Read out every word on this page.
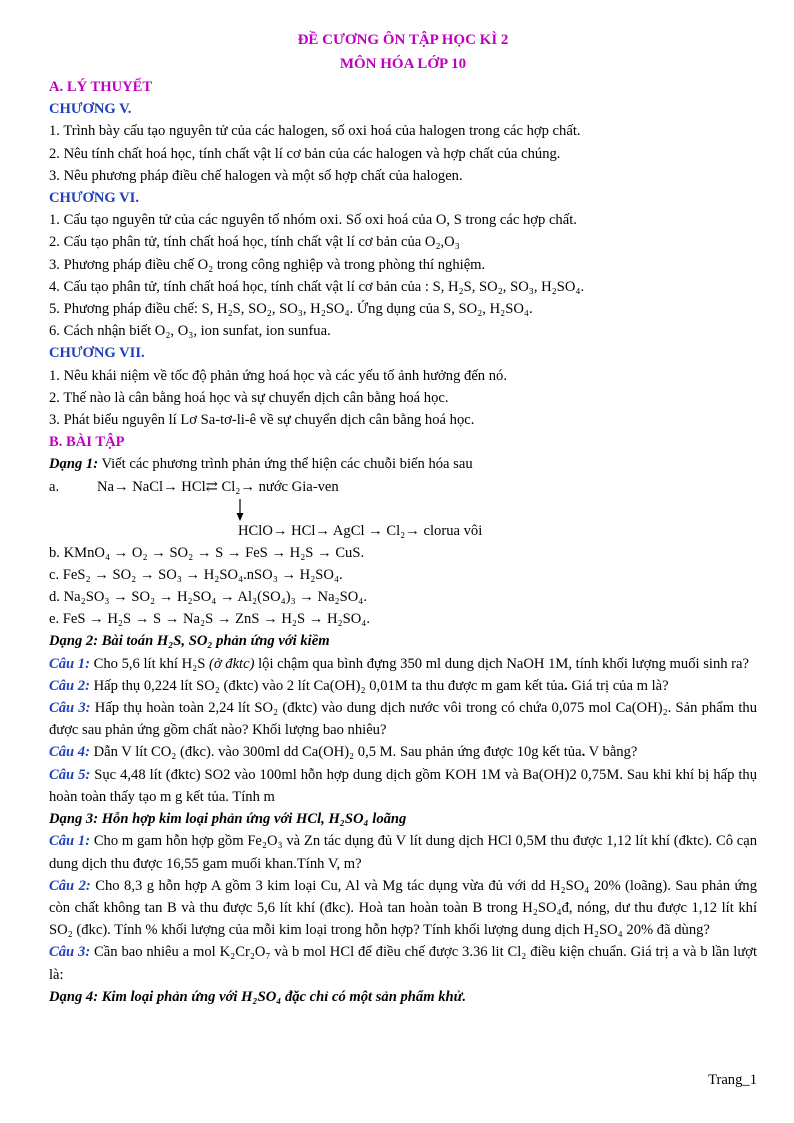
ĐỀ CƯƠNG ÔN TẬP HỌC KÌ 2
MÔN HÓA LỚP 10
A. LÝ THUYẾT
CHƯƠNG V.
1. Trình bày cấu tạo nguyên tử của các halogen, số oxi hoá của halogen trong các hợp chất.
2. Nêu tính chất hoá học, tính chất vật lí cơ bản của các halogen và hợp chất của chúng.
3. Nêu phương pháp điều chế halogen và một số hợp chất của halogen.
CHƯƠNG VI.
1. Cấu tạo nguyên tử của các nguyên tố nhóm oxi. Số oxi hoá của O, S trong các hợp chất.
2. Cấu tạo phân tử, tính chất hoá học, tính chất vật lí cơ bản của O₂,O₃
3. Phương pháp điều chế O₂ trong công nghiệp và trong phòng thí nghiệm.
4. Cấu tạo phân tử, tính chất hoá học, tính chất vật lí cơ bản của : S, H₂S, SO₂, SO₃, H₂SO₄.
5. Phương pháp điều chế: S, H₂S, SO₂, SO₃, H₂SO₄. Ứng dụng của S, SO₂, H₂SO₄.
6. Cách nhận biết O₂, O₃, ion sunfat, ion sunfua.
CHƯƠNG VII.
1. Nêu khái niệm về tốc độ phản ứng hoá học và các yếu tố ảnh hưởng đến nó.
2. Thế nào là cân bằng hoá học và sự chuyển dịch cân bằng hoá học.
3. Phát biểu nguyên lí Lơ Sa-tơ-li-ê về sự chuyển dịch cân bằng hoá học.
B. BÀI TẬP
Dạng 1: Viết các phương trình phản ứng thể hiện các chuỗi biến hóa sau
a.	Na→ NaCl→ HCl⇄ Cl₂→ nước Gia-ven
HClO→ HCl→ AgCl → Cl₂→ clorua vôi
b. KMnO₄ → O₂ → SO₂ → S → FeS → H₂S → CuS.
c. FeS₂ → SO₂ → SO₃ → H₂SO₄.nSO₃ → H₂SO₄.
d. Na₂SO₃ → SO₂ → H₂SO₄ → Al₂(SO₄)₃ → Na₂SO₄.
e. FeS → H₂S → S → Na₂S → ZnS → H₂S → H₂SO₄.
Dạng 2: Bài toán H₂S, SO₂ phản ứng với kiềm
Câu 1: Cho 5,6 lít khí H₂S (ở đktc) lội chậm qua bình đựng 350 ml dung dịch NaOH 1M, tính khối lượng muối sinh ra?
Câu 2: Hấp thụ 0,224 lít SO₂ (đktc) vào 2 lít Ca(OH)₂ 0,01M ta thu được m gam kết tủa. Giá trị của m là?
Câu 3: Hấp thụ hoàn toàn 2,24 lít SO₂ (đktc) vào dung dịch nước vôi trong có chứa 0,075 mol Ca(OH)₂. Sản phẩm thu được sau phản ứng gồm chất nào? Khối lượng bao nhiêu?
Câu 4: Dẫn V lít CO₂ (đkc). vào 300ml dd Ca(OH)₂ 0,5 M. Sau phản ứng được 10g kết tủa. V bằng?
Câu 5: Sục 4,48 lít (đktc) SO2 vào 100ml hỗn hợp dung dịch gồm KOH 1M và Ba(OH)2 0,75M. Sau khi khí bị hấp thụ hoàn toàn thấy tạo m g kết tủa. Tính m
Dạng 3: Hỗn hợp kim loại phản ứng với HCl, H₂SO₄ loãng
Câu 1: Cho m gam hỗn hợp gồm Fe₂O₃ và Zn tác dụng đủ V lít dung dịch HCl 0,5M thu được 1,12 lít khí (đktc). Cô cạn dung dịch thu được 16,55 gam muối khan.Tính V, m?
Câu 2: Cho 8,3 g hỗn hợp A gồm 3 kim loại Cu, Al và Mg tác dụng vừa đủ với dd H₂SO₄ 20% (loãng). Sau phản ứng còn chất không tan B và thu được 5,6 lít khí (đkc). Hoà tan hoàn toàn B trong H₂SO₄đ, nóng, dư thu được 1,12 lít khí SO₂ (đkc). Tính % khối lượng của mỗi kim loại trong hỗn hợp? Tính khối lượng dung dịch H₂SO₄ 20% đã dùng?
Câu 3: Cần bao nhiêu a mol K₂Cr₂O₇ và b mol HCl để điều chế được 3.36 lit Cl₂ điều kiện chuẩn. Giá trị a và b lần lượt là:
Dạng 4: Kim loại phản ứng với H₂SO₄ đặc chỉ có một sản phẩm khử.
Trang_1
